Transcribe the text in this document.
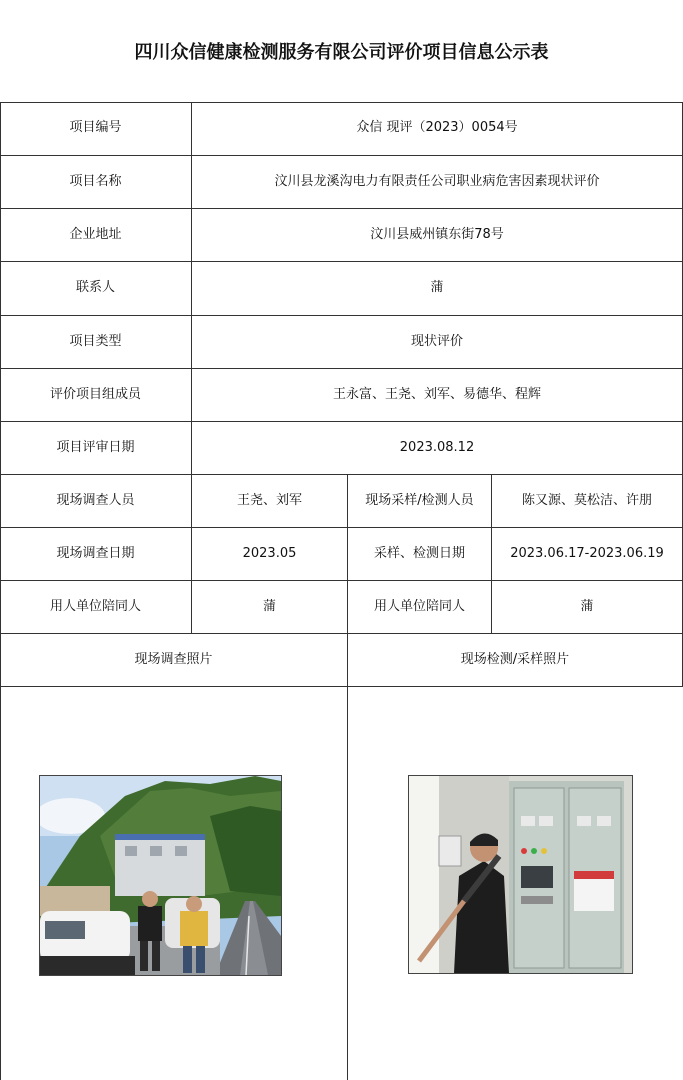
四川众信健康检测服务有限公司评价项目信息公示表
项目编号	众信 现评（2023）0054号
项目名称	汶川县龙溪沟电力有限责任公司职业病危害因素现状评价
企业地址	汶川县威州镇东街78号
联系人	蒲
项目类型	现状评价
评价项目组成员	王永富、王尧、刘军、易德华、程辉
项目评审日期	2023.08.12
现场调查人员	王尧、刘军	现场采样/检测人员	陈又源、莫松洁、许朋
现场调查日期	2023.05	采样、检测日期	2023.06.17-2023.06.19
用人单位陪同人	蒲	用人单位陪同人	蒲
现场调查照片	现场检测/采样照片
